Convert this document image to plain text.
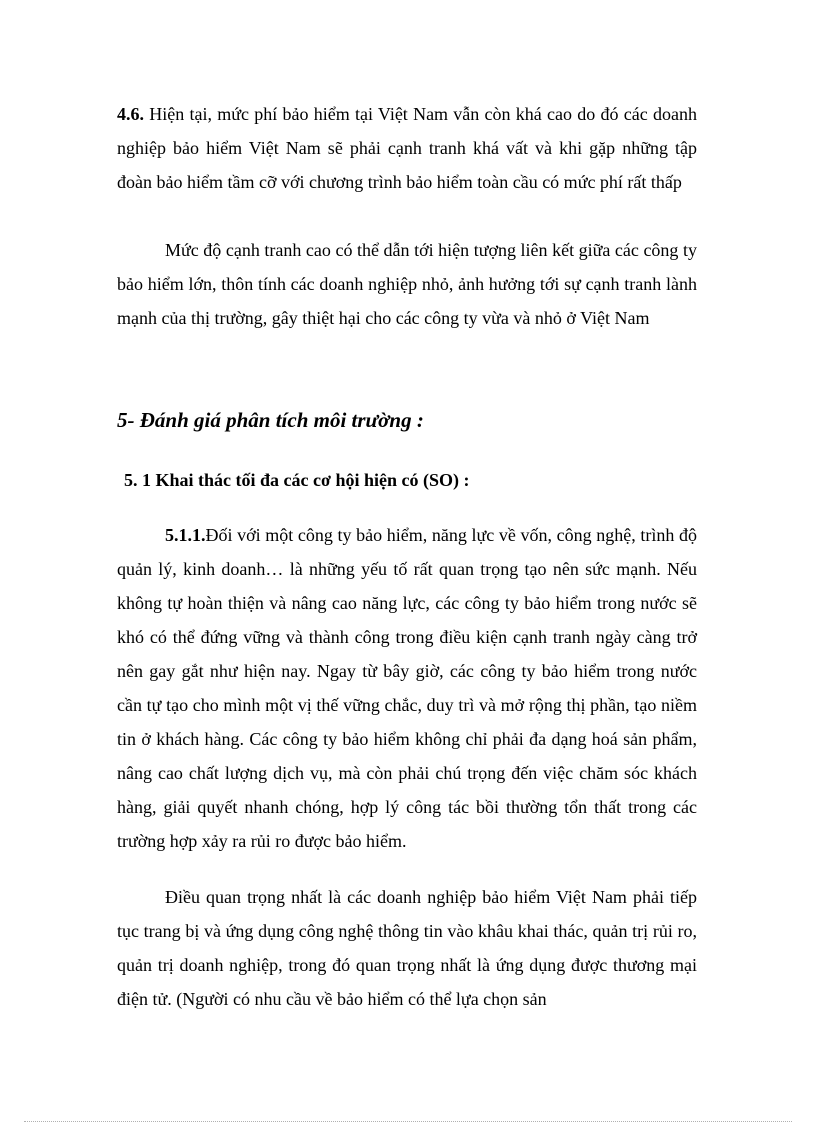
4.6. Hiện tại, mức phí bảo hiểm tại Việt Nam vẫn còn khá cao do đó các doanh nghiệp bảo hiểm Việt Nam sẽ phải cạnh tranh khá vất và khi gặp những tập đoàn bảo hiểm tầm cỡ với chương trình bảo hiểm toàn cầu có mức phí rất thấp

Mức độ cạnh tranh cao có thể dẫn tới hiện tượng liên kết giữa các công ty bảo hiểm lớn, thôn tính các doanh nghiệp nhỏ, ảnh hưởng tới sự cạnh tranh lành mạnh của thị trường, gây thiệt hại cho các công ty vừa và nhỏ ở Việt Nam

5- Đánh giá phân tích môi trường :
5. 1 Khai thác tối đa các cơ hội hiện có (SO) :

5.1.1.Đối với một công ty bảo hiểm, năng lực về vốn, công nghệ, trình độ quản lý, kinh doanh… là những yếu tố rất quan trọng tạo nên sức mạnh. Nếu không tự hoàn thiện và nâng cao năng lực, các công ty bảo hiểm trong nước sẽ khó có thể đứng vững và thành công trong điều kiện cạnh tranh ngày càng trở nên gay gắt như hiện nay. Ngay từ bây giờ, các công ty bảo hiểm trong nước cần tự tạo cho mình một vị thế vững chắc, duy trì và mở rộng thị phần, tạo niềm tin ở khách hàng. Các công ty bảo hiểm không chỉ phải đa dạng hoá sản phẩm, nâng cao chất lượng dịch vụ, mà còn phải chú trọng đến việc chăm sóc khách hàng, giải quyết nhanh chóng, hợp lý công tác bồi thường tổn thất trong các trường hợp xảy ra rủi ro được bảo hiểm.

Điều quan trọng nhất là các doanh nghiệp bảo hiểm Việt Nam phải tiếp tục trang bị và ứng dụng công nghệ thông tin vào khâu khai thác, quản trị rủi ro, quản trị doanh nghiệp, trong đó quan trọng nhất là ứng dụng được thương mại điện tử. (Người có nhu cầu về bảo hiểm có thể lựa chọn sản
